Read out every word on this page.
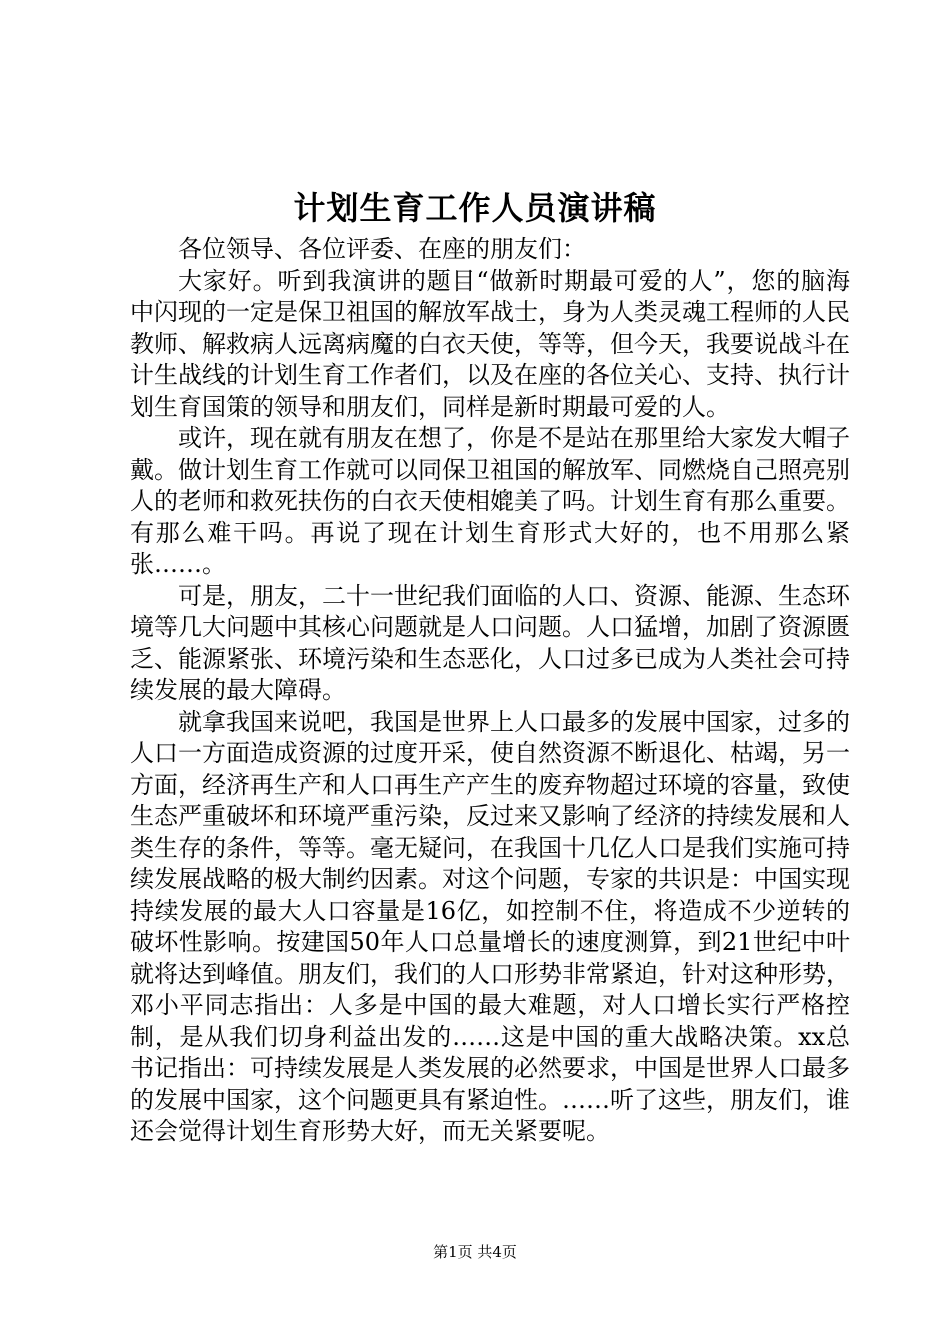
计划生育工作人员演讲稿

各位领导、各位评委、在座的朋友们：

大家好。听到我演讲的题目“做新时期最可爱的人”，您的脑海中闪现的一定是保卫祖国的解放军战士，身为人类灵魂工程师的人民教师、解救病人远离病魔的白衣天使，等等，但今天，我要说战斗在计生战线的计划生育工作者们，以及在座的各位关心、支持、执行计划生育国策的领导和朋友们，同样是新时期最可爱的人。

或许，现在就有朋友在想了，你是不是站在那里给大家发大帽子戴。做计划生育工作就可以同保卫祖国的解放军、同燃烧自己照亮别人的老师和救死扶伤的白衣天使相媲美了吗。计划生育有那么重要。有那么难干吗。再说了现在计划生育形式大好的，也不用那么紧张……。

可是，朋友，二十一世纪我们面临的人口、资源、能源、生态环境等几大问题中其核心问题就是人口问题。人口猛增，加剧了资源匮乏、能源紧张、环境污染和生态恶化，人口过多已成为人类社会可持续发展的最大障碍。

就拿我国来说吧，我国是世界上人口最多的发展中国家，过多的人口一方面造成资源的过度开采，使自然资源不断退化、枯竭，另一方面，经济再生产和人口再生产产生的废弃物超过环境的容量，致使生态严重破坏和环境严重污染，反过来又影响了经济的持续发展和人类生存的条件，等等。毫无疑问，在我国十几亿人口是我们实施可持续发展战略的极大制约因素。对这个问题，专家的共识是：中国实现持续发展的最大人口容量是16亿，如控制不住，将造成不少逆转的破坏性影响。按建国50年人口总量增长的速度测算，到21世纪中叶就将达到峰值。朋友们，我们的人口形势非常紧迫，针对这种形势，邓小平同志指出：人多是中国的最大难题，对人口增长实行严格控制，是从我们切身利益出发的……这是中国的重大战略决策。xx总书记指出：可持续发展是人类发展的必然要求，中国是世界人口最多的发展中国家，这个问题更具有紧迫性。……听了这些，朋友们，谁还会觉得计划生育形势大好，而无关紧要呢。

第1页 共4页
